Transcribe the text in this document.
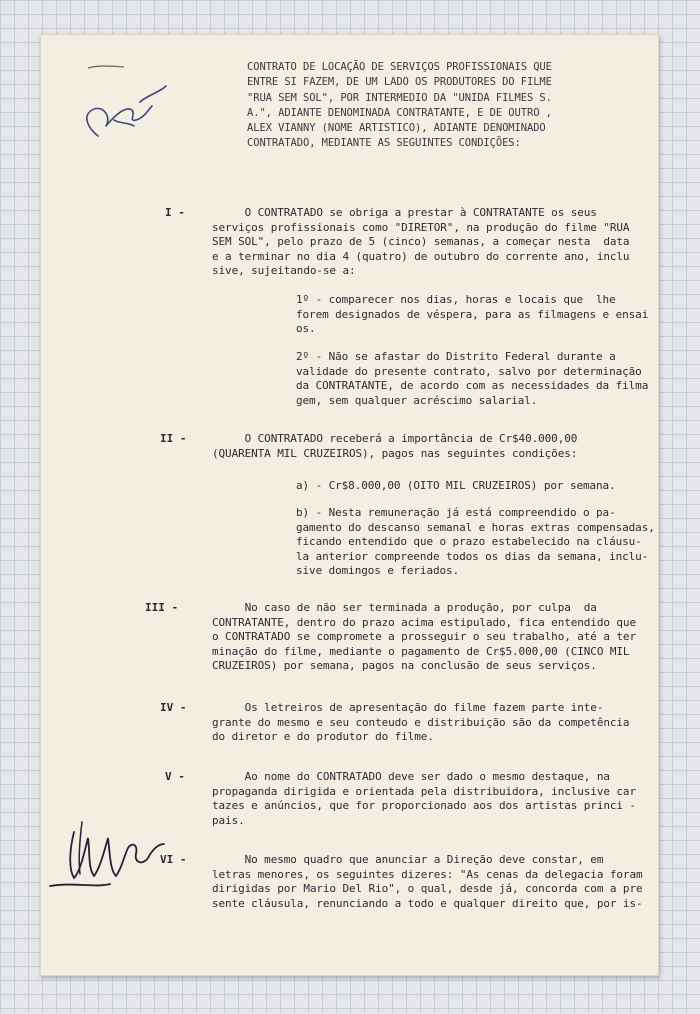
CONTRATO DE LOCAÇÃO DE SERVIÇOS PROFISSIONAIS QUE
ENTRE SI FAZEM, DE UM LADO OS PRODUTORES DO FILME
"RUA SEM SOL", POR INTERMEDIO DA "UNIDA FILMES S.
A.", ADIANTE DENOMINADA CONTRATANTE, E DE OUTRO ,
ALEX VIANNY (NOME ARTISTICO), ADIANTE DENOMINADO
CONTRATADO, MEDIANTE AS SEGUINTES CONDIÇÕES:
I -	O CONTRATADO se obriga a prestar à CONTRATANTE os seus
serviços profissionais como "DIRETOR", na produção do filme "RUA
SEM SOL", pelo prazo de 5 (cinco) semanas, a começar nesta  data
e a terminar no dia 4 (quatro) de outubro do corrente ano, inclu
sive, sujeitando-se a:
1º - comparecer nos dias, horas e locais que  lhe
forem designados de véspera, para as filmagens e ensai
os.
2º - Não se afastar do Distrito Federal durante a
validade do presente contrato, salvo por determinação
da CONTRATANTE, de acordo com as necessidades da filma
gem, sem qualquer acréscimo salarial.
II -	O CONTRATADO receberá a importância de Cr$40.000,00
(QUARENTA MIL CRUZEIROS), pagos nas seguintes condições:
a) - Cr$8.000,00 (OITO MIL CRUZEIROS) por semana.
b) - Nesta remuneração já está compreendido o pa-
gamento do descanso semanal e horas extras compensadas,
ficando entendido que o prazo estabelecido na cláusu-
la anterior compreende todos os dias da semana, inclu-
sive domingos e feriados.
III -	No caso de não ser terminada a produção, por culpa  da
CONTRATANTE, dentro do prazo acima estipulado, fica entendido que
o CONTRATADO se compromete a prosseguir o seu trabalho, até a ter
minação do filme, mediante o pagamento de Cr$5.000,00 (CINCO MIL
CRUZEIROS) por semana, pagos na conclusão de seus serviços.
IV -	Os letreiros de apresentação do filme fazem parte inte-
grante do mesmo e seu conteudo e distribuição são da competência
do diretor e do produtor do filme.
V -	Ao nome do CONTRATADO deve ser dado o mesmo destaque, na
propaganda dirigida e orientada pela distribuidora, inclusive car
tazes e anúncios, que for proporcionado aos dos artistas princi -
pais.
VI -	No mesmo quadro que anunciar a Direção deve constar, em
letras menores, os seguintes dizeres: "As cenas da delegacia foram
dirigidas por Mario Del Rio", o qual, desde já, concorda com a pre
sente cláusula, renunciando a todo e qualquer direito que, por is-
